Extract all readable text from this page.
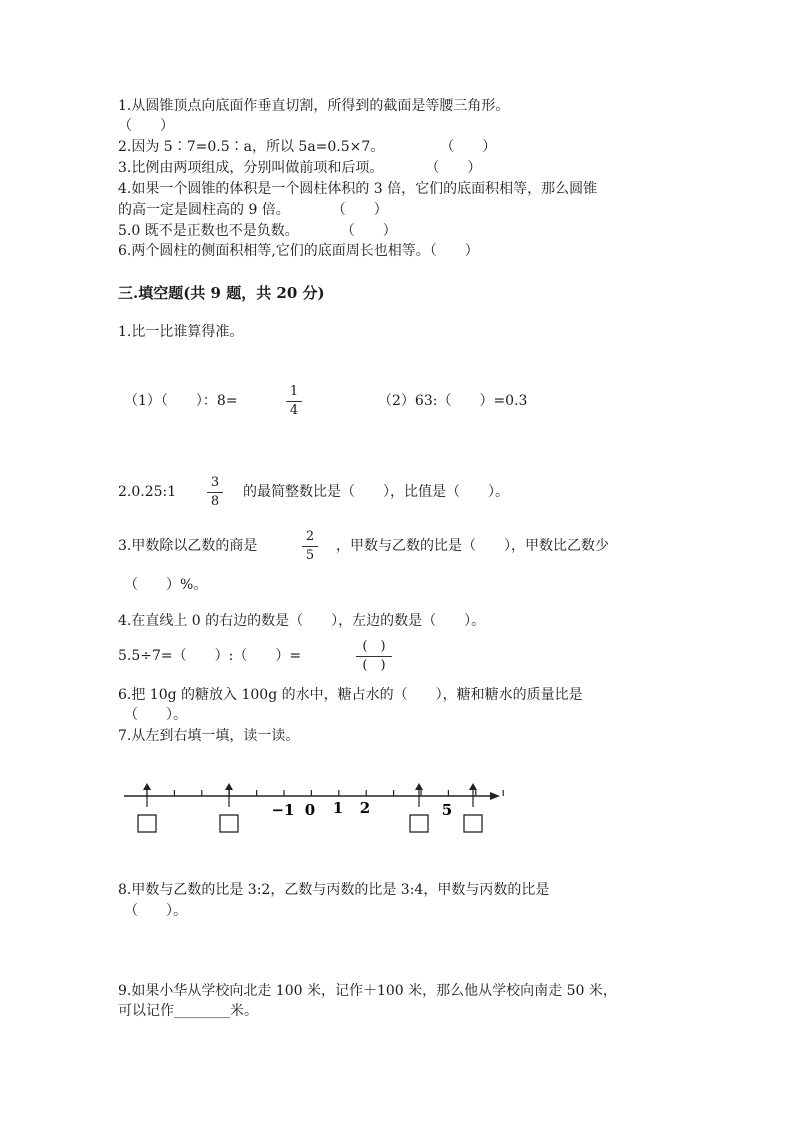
1.从圆锥顶点向底面作垂直切割，所得到的截面是等腰三角形。
（　　）
2.因为 5∶7=0.5∶a，所以 5a=0.5×7。　　　　　（　　）
3.比例由两项组成，分别叫做前项和后项。　　　　（　　）
4.如果一个圆锥的体积是一个圆柱体积的 3 倍，它们的底面积相等，那么圆锥
的高一定是圆柱高的 9 倍。　　　　（　　）
5.0 既不是正数也不是负数。　　　　（　　）
6.两个圆柱的侧面积相等,它们的底面周长也相等。（　　）
三.填空题(共 9 题，共 20 分)
1.比一比谁算得准。
（1）（　　）：8=
1
4
（2）63:（　　）=0.3
2.0.25:1
3
8
的最简整数比是（　　），比值是（　　）。
3.甲数除以乙数的商是
2
5
，甲数与乙数的比是（　　），甲数比乙数少
（　　）%。
4.在直线上 0 的右边的数是（　　），左边的数是（　　）。
5.5÷7=（　　）:（　　）=
(　)
(　)
6.把 10g 的糖放入 100g 的水中，糖占水的（　　），糖和糖水的质量比是
（　　）。
7.从左到右填一填，读一读。
−1 0 1 2	5
8.甲数与乙数的比是 3:2，乙数与丙数的比是 3:4，甲数与丙数的比是
（　　）。
9.如果小华从学校向北走 100 米，记作＋100 米，那么他从学校向南走 50 米，
可以记作________米。
